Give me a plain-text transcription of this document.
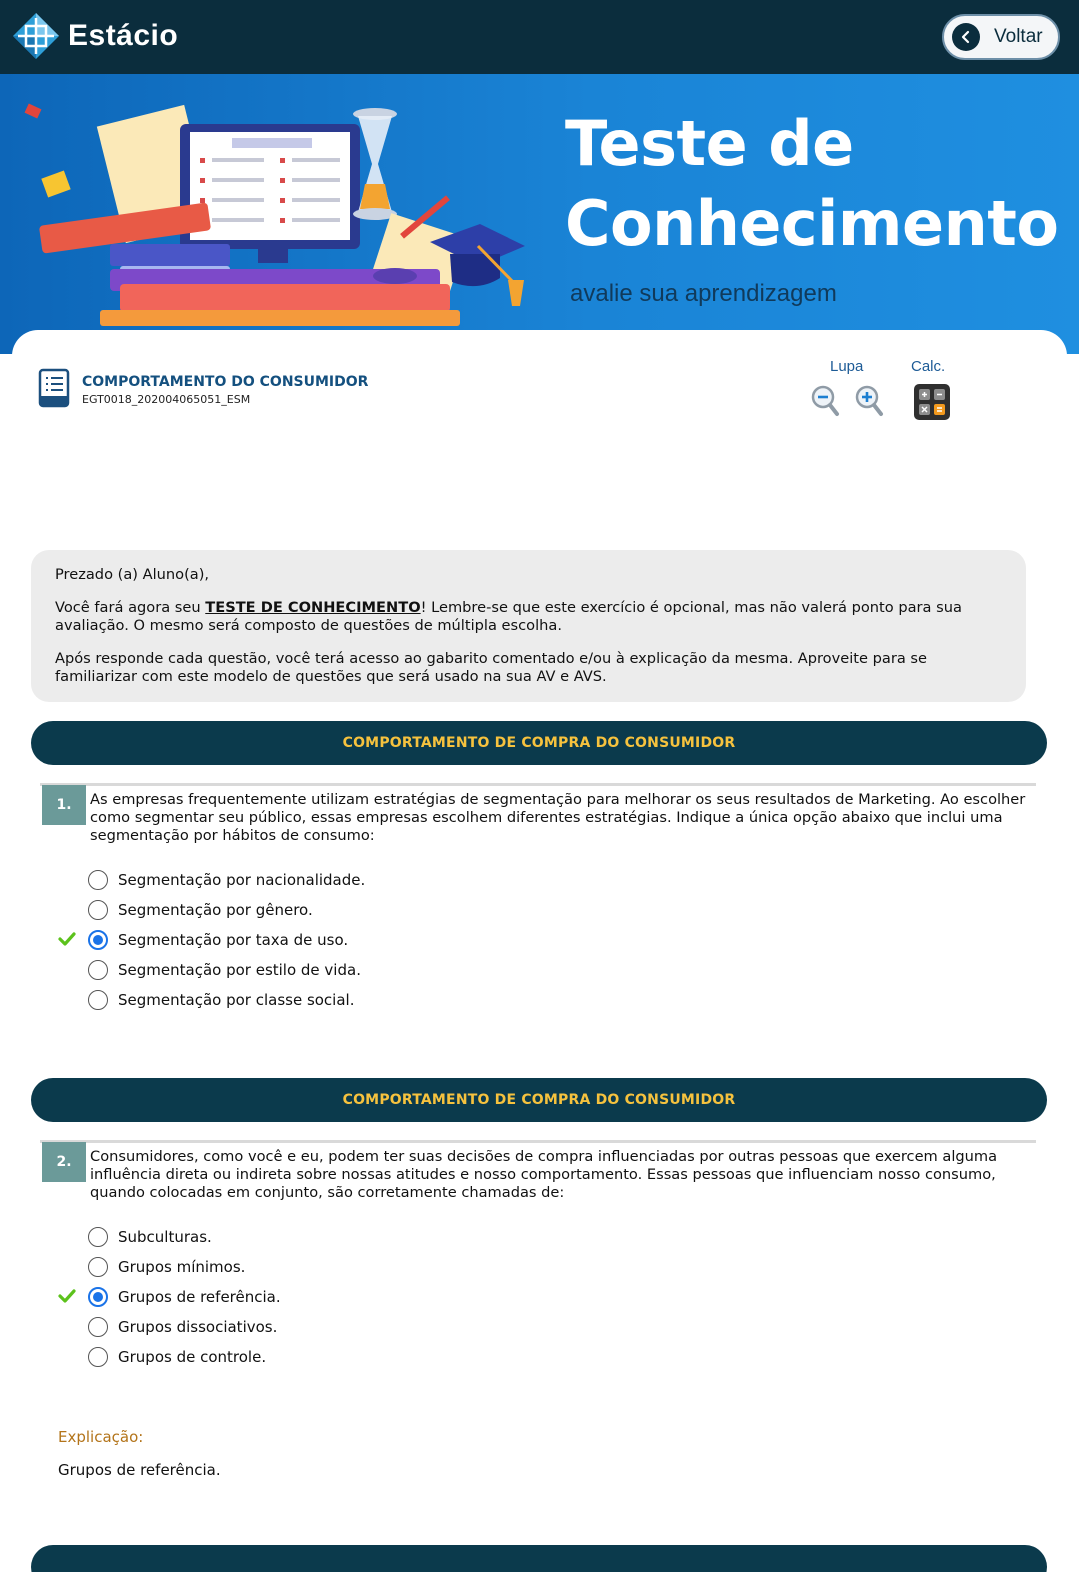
Estácio	Voltar
Teste de
Conhecimento
avalie sua aprendizagem
COMPORTAMENTO DO CONSUMIDOR
EGT0018_202004065051_ESM
Lupa	Calc.

Prezado (a) Aluno(a),

Você fará agora seu TESTE DE CONHECIMENTO! Lembre-se que este exercício é opcional, mas não valerá ponto para sua avaliação. O mesmo será composto de questões de múltipla escolha.

Após responde cada questão, você terá acesso ao gabarito comentado e/ou à explicação da mesma. Aproveite para se familiarizar com este modelo de questões que será usado na sua AV e AVS.

COMPORTAMENTO DE COMPRA DO CONSUMIDOR
1.	As empresas frequentemente utilizam estratégias de segmentação para melhorar os seus resultados de Marketing. Ao escolher como segmentar seu público, essas empresas escolhem diferentes estratégias. Indique a única opção abaixo que inclui uma segmentação por hábitos de consumo:
Segmentação por nacionalidade.
Segmentação por gênero.
Segmentação por taxa de uso.
Segmentação por estilo de vida.
Segmentação por classe social.
COMPORTAMENTO DE COMPRA DO CONSUMIDOR
2.	Consumidores, como você e eu, podem ter suas decisões de compra influenciadas por outras pessoas que exercem alguma influência direta ou indireta sobre nossas atitudes e nosso comportamento. Essas pessoas que influenciam nosso consumo, quando colocadas em conjunto, são corretamente chamadas de:
Subculturas.
Grupos mínimos.
Grupos de referência.
Grupos dissociativos.
Grupos de controle.
Explicação:
Grupos de referência.
